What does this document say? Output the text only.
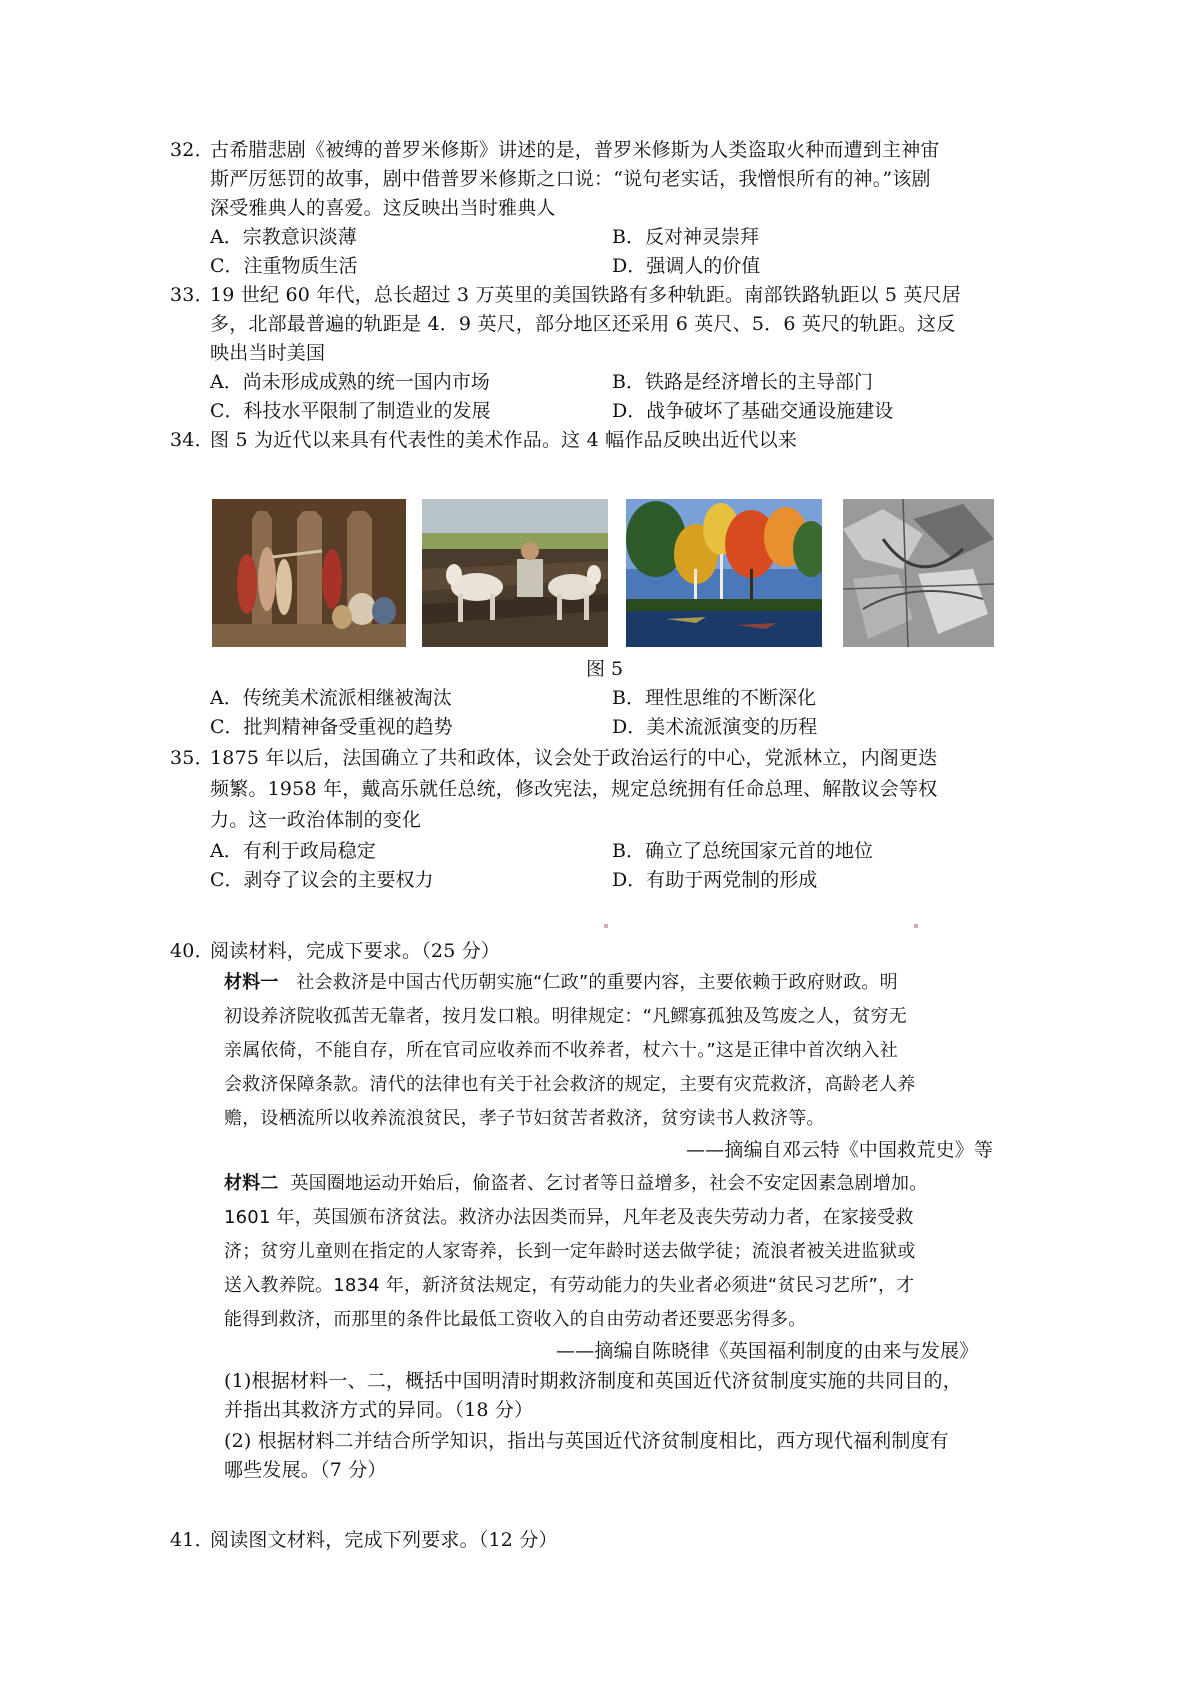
32．古希腊悲剧《被缚的普罗米修斯》讲述的是，普罗米修斯为人类盗取火种而遭到主神宙
斯严厉惩罚的故事，剧中借普罗米修斯之口说：“说句老实话，我憎恨所有的神。”该剧
深受雅典人的喜爱。这反映出当时雅典人
A．宗教意识淡薄	B．反对神灵崇拜
C．注重物质生活	D．强调人的价值
33．19 世纪 60 年代，总长超过 3 万英里的美国铁路有多种轨距。南部铁路轨距以 5 英尺居
多，北部最普遍的轨距是 4．9 英尺，部分地区还采用 6 英尺、5．6 英尺的轨距。这反
映出当时美国
A．尚未形成成熟的统一国内市场	B．铁路是经济增长的主导部门
C．科技水平限制了制造业的发展	D．战争破坏了基础交通设施建设
34．图 5 为近代以来具有代表性的美术作品。这 4 幅作品反映出近代以来
图 5
A．传统美术流派相继被淘汰	B．理性思维的不断深化
C．批判精神备受重视的趋势	D．美术流派演变的历程
35．1875 年以后，法国确立了共和政体，议会处于政治运行的中心，党派林立，内阁更迭
频繁。1958 年，戴高乐就任总统，修改宪法，规定总统拥有任命总理、解散议会等权
力。这一政治体制的变化
A．有利于政局稳定	B．确立了总统国家元首的地位
C．剥夺了议会的主要权力	D．有助于两党制的形成
40．阅读材料，完成下要求。（25 分）
材料一 社会救济是中国古代历朝实施“仁政”的重要内容，主要依赖于政府财政。明
初设养济院收孤苦无靠者，按月发口粮。明律规定：“凡鳏寡孤独及笃废之人，贫穷无
亲属依倚，不能自存，所在官司应收养而不收养者，杖六十。”这是正律中首次纳入社
会救济保障条款。清代的法律也有关于社会救济的规定，主要有灾荒救济，高龄老人养
赡，设栖流所以收养流浪贫民，孝子节妇贫苦者救济，贫穷读书人救济等。
——摘编自邓云特《中国救荒史》等
材料二 英国圈地运动开始后，偷盗者、乞讨者等日益增多，社会不安定因素急剧增加。
1601 年，英国颁布济贫法。救济办法因类而异，凡年老及丧失劳动力者，在家接受救
济；贫穷儿童则在指定的人家寄养，长到一定年龄时送去做学徒；流浪者被关进监狱或
送入教养院。1834 年，新济贫法规定，有劳动能力的失业者必须进“贫民习艺所”，才
能得到救济，而那里的条件比最低工资收入的自由劳动者还要恶劣得多。
——摘编自陈晓律《英国福利制度的由来与发展》
(1)根据材料一、二，概括中国明清时期救济制度和英国近代济贫制度实施的共同目的，
并指出其救济方式的异同。（18 分）
(2) 根据材料二并结合所学知识，指出与英国近代济贫制度相比，西方现代福利制度有
哪些发展。（7 分）
41．阅读图文材料，完成下列要求。（12 分）
